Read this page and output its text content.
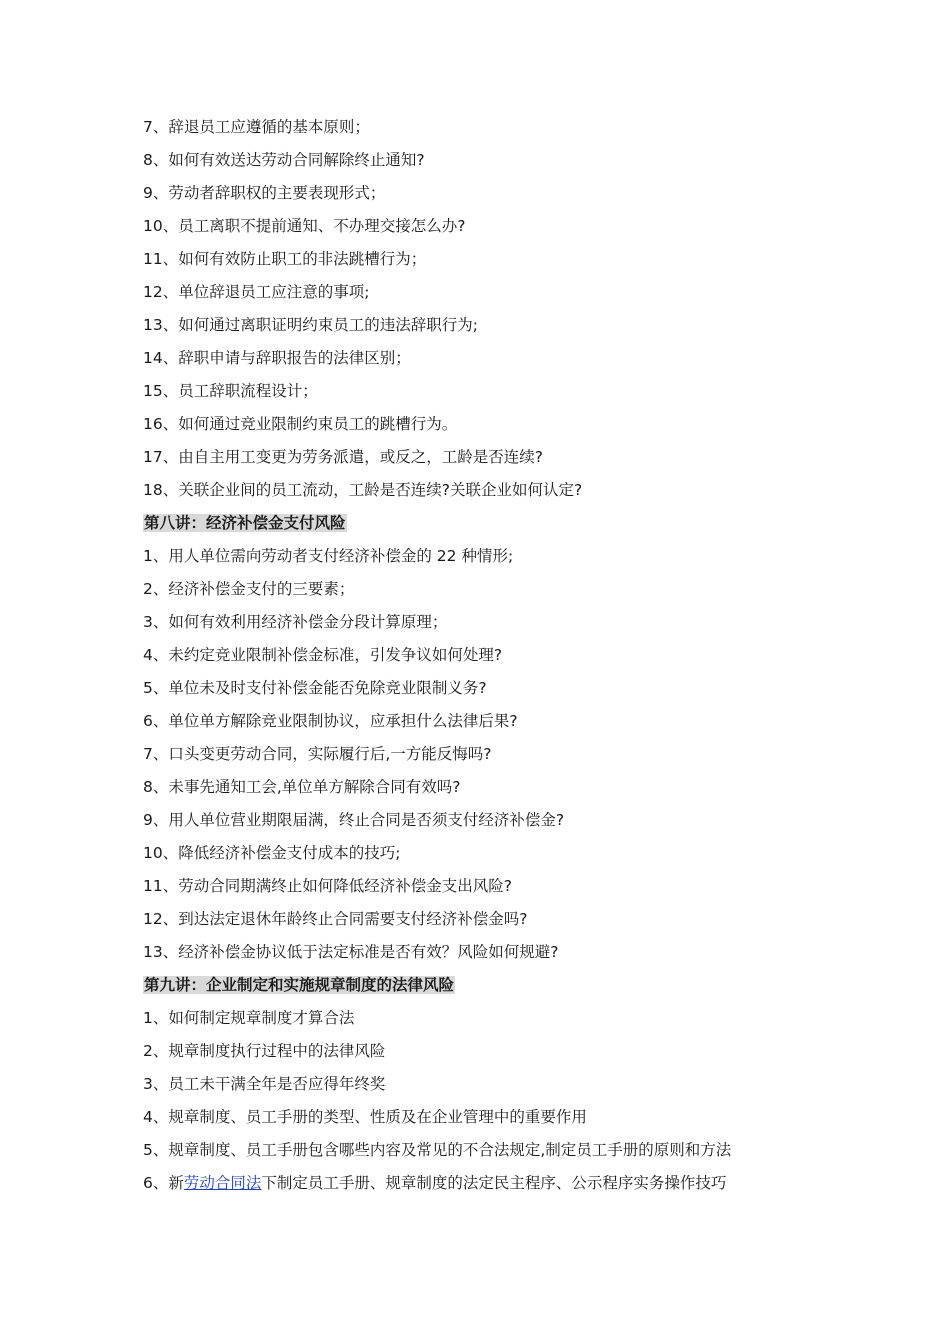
7、辞退员工应遵循的基本原则；
8、如何有效送达劳动合同解除终止通知?
9、劳动者辞职权的主要表现形式；
10、员工离职不提前通知、不办理交接怎么办?
11、如何有效防止职工的非法跳槽行为；
12、单位辞退员工应注意的事项;
13、如何通过离职证明约束员工的违法辞职行为;
14、辞职申请与辞职报告的法律区别；
15、员工辞职流程设计；
16、如何通过竞业限制约束员工的跳槽行为。
17、由自主用工变更为劳务派遣，或反之，工龄是否连续?
18、关联企业间的员工流动，工龄是否连续?关联企业如何认定?
第八讲：经济补偿金支付风险
1、用人单位需向劳动者支付经济补偿金的 22 种情形;
2、经济补偿金支付的三要素；
3、如何有效利用经济补偿金分段计算原理；
4、未约定竞业限制补偿金标准，引发争议如何处理?
5、单位未及时支付补偿金能否免除竞业限制义务?
6、单位单方解除竞业限制协议，应承担什么法律后果?
7、口头变更劳动合同，实际履行后,一方能反悔吗?
8、未事先通知工会,单位单方解除合同有效吗?
9、用人单位营业期限届满，终止合同是否须支付经济补偿金?
10、降低经济补偿金支付成本的技巧;
11、劳动合同期满终止如何降低经济补偿金支出风险?
12、到达法定退休年龄终止合同需要支付经济补偿金吗?
13、经济补偿金协议低于法定标准是否有效？风险如何规避?
第九讲：企业制定和实施规章制度的法律风险
1、如何制定规章制度才算合法
2、规章制度执行过程中的法律风险
3、员工未干满全年是否应得年终奖
4、规章制度、员工手册的类型、性质及在企业管理中的重要作用
5、规章制度、员工手册包含哪些内容及常见的不合法规定,制定员工手册的原则和方法
6、新劳动合同法下制定员工手册、规章制度的法定民主程序、公示程序实务操作技巧
